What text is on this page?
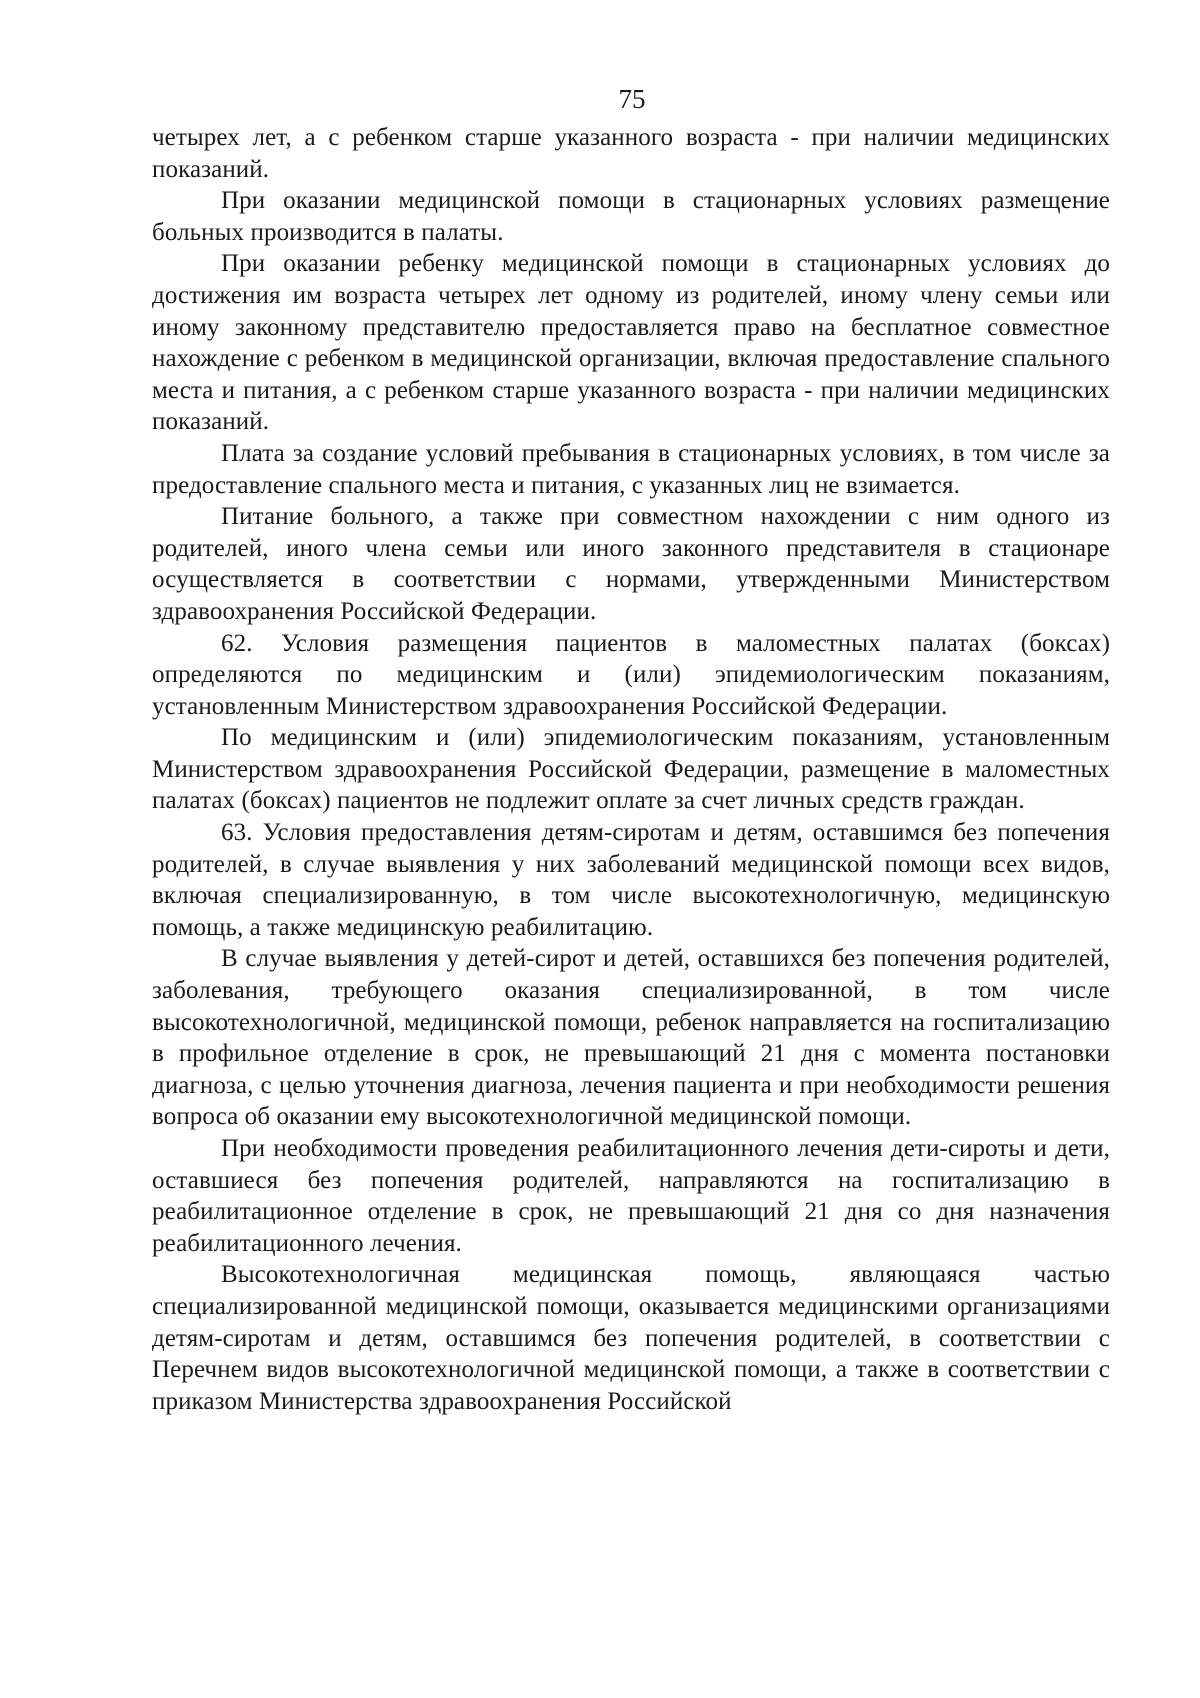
75

четырех лет, а с ребенком старше указанного возраста - при наличии медицинских показаний.

При оказании медицинской помощи в стационарных условиях размещение больных производится в палаты.

При оказании ребенку медицинской помощи в стационарных условиях до достижения им возраста четырех лет одному из родителей, иному члену семьи или иному законному представителю предоставляется право на бесплатное совместное нахождение с ребенком в медицинской организации, включая предоставление спального места и питания, а с ребенком старше указанного возраста - при наличии медицинских показаний.

Плата за создание условий пребывания в стационарных условиях, в том числе за предоставление спального места и питания, с указанных лиц не взимается.

Питание больного, а также при совместном нахождении с ним одного из родителей, иного члена семьи или иного законного представителя в стационаре осуществляется в соответствии с нормами, утвержденными Министерством здравоохранения Российской Федерации.

62. Условия размещения пациентов в маломестных палатах (боксах) определяются по медицинским и (или) эпидемиологическим показаниям, установленным Министерством здравоохранения Российской Федерации.

По медицинским и (или) эпидемиологическим показаниям, установленным Министерством здравоохранения Российской Федерации, размещение в маломестных палатах (боксах) пациентов не подлежит оплате за счет личных средств граждан.

63. Условия предоставления детям-сиротам и детям, оставшимся без попечения родителей, в случае выявления у них заболеваний медицинской помощи всех видов, включая специализированную, в том числе высокотехнологичную, медицинскую помощь, а также медицинскую реабилитацию.

В случае выявления у детей-сирот и детей, оставшихся без попечения родителей, заболевания, требующего оказания специализированной, в том числе высокотехнологичной, медицинской помощи, ребенок направляется на госпитализацию в профильное отделение в срок, не превышающий 21 дня с момента постановки диагноза, с целью уточнения диагноза, лечения пациента и при необходимости решения вопроса об оказании ему высокотехнологичной медицинской помощи.

При необходимости проведения реабилитационного лечения дети-сироты и дети, оставшиеся без попечения родителей, направляются на госпитализацию в реабилитационное отделение в срок, не превышающий 21 дня со дня назначения реабилитационного лечения.

Высокотехнологичная медицинская помощь, являющаяся частью специализированной медицинской помощи, оказывается медицинскими организациями детям-сиротам и детям, оставшимся без попечения родителей, в соответствии с Перечнем видов высокотехнологичной медицинской помощи, а также в соответствии с приказом Министерства здравоохранения Российской
